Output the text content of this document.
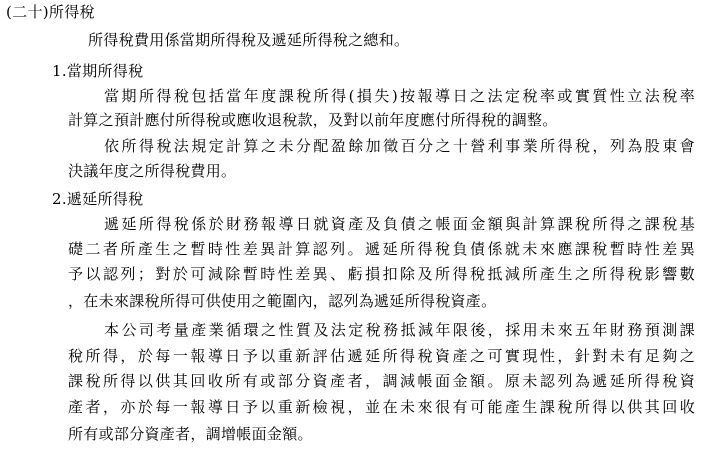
(二十)所得稅
所得稅費用係當期所得稅及遞延所得稅之總和。
1.當期所得稅
當期所得稅包括當年度課稅所得(損失)按報導日之法定稅率或實質性立法稅率
計算之預計應付所得稅或應收退稅款，及對以前年度應付所得稅的調整。
依所得稅法規定計算之未分配盈餘加徵百分之十營利事業所得稅，列為股東會
決議年度之所得稅費用。
2.遞延所得稅
遞延所得稅係於財務報導日就資產及負債之帳面金額與計算課稅所得之課稅基
礎二者所產生之暫時性差異計算認列。遞延所得稅負債係就未來應課稅暫時性差異
予以認列；對於可減除暫時性差異、虧損扣除及所得稅抵減所產生之所得稅影響數
，在未來課稅所得可供使用之範圍內，認列為遞延所得稅資產。
本公司考量產業循環之性質及法定稅務抵減年限後，採用未來五年財務預測課
稅所得，於每一報導日予以重新評估遞延所得稅資產之可實現性，針對未有足夠之
課稅所得以供其回收所有或部分資產者，調減帳面金額。原未認列為遞延所得稅資
產者，亦於每一報導日予以重新檢視，並在未來很有可能產生課稅所得以供其回收
所有或部分資產者，調增帳面金額。
